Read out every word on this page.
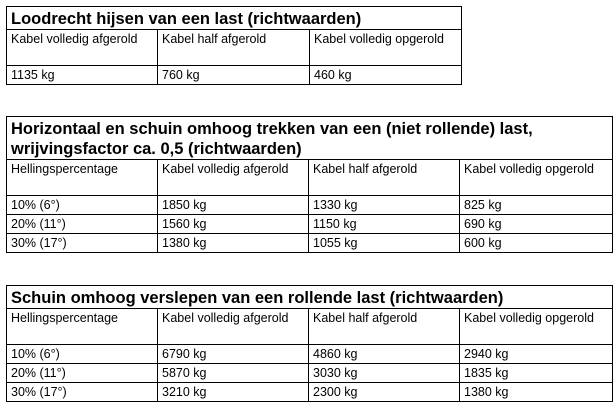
Loodrecht hijsen van een last (richtwaarden)		
Kabel volledig afgerold	Kabel half afgerold	Kabel volledig opgerold
1135 kg	760 kg	460 kg
Horizontaal en schuin omhoog trekken van een (niet rollende) last, wrijvingsfactor ca. 0,5 (richtwaarden)			
Hellingspercentage	Kabel volledig afgerold	Kabel half afgerold	Kabel volledig opgerold
10% (6°)	1850 kg	1330 kg	825 kg
20% (11°)	1560 kg	1150 kg	690 kg
30% (17°)	1380 kg	1055 kg	600 kg
Schuin omhoog verslepen van een rollende last (richtwaarden)			
Hellingspercentage	Kabel volledig afgerold	Kabel half afgerold	Kabel volledig opgerold
10% (6°)	6790 kg	4860 kg	2940 kg
20% (11°)	5870 kg	3030 kg	1835 kg
30% (17°)	3210 kg	2300 kg	1380 kg
